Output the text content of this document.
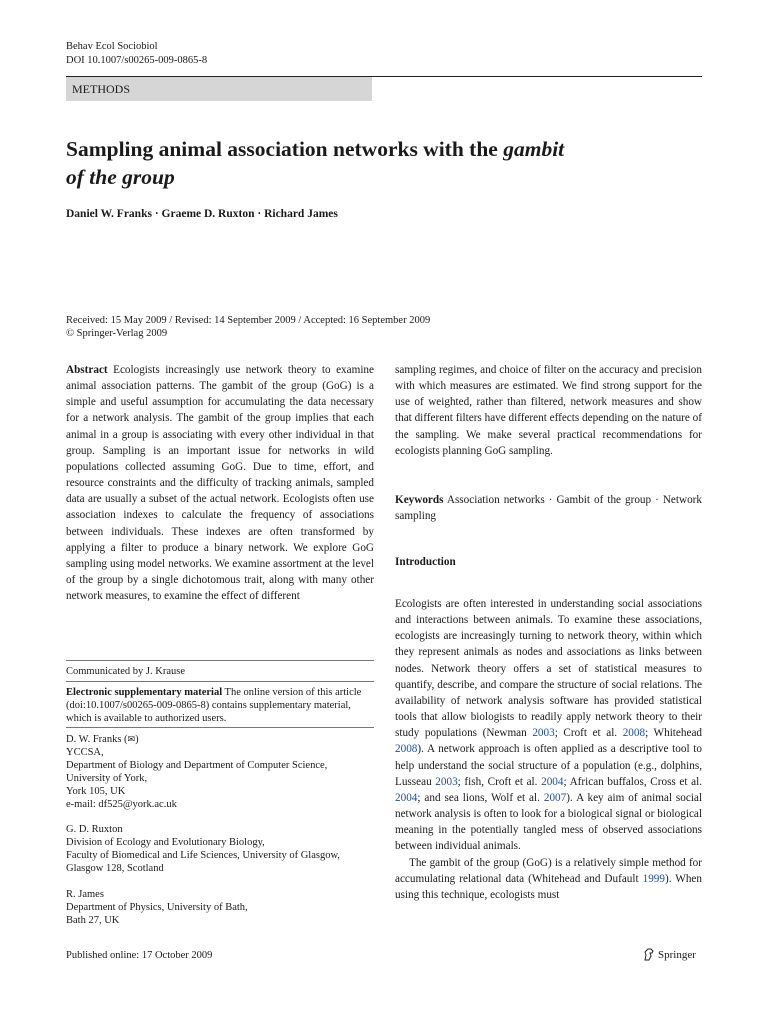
Behav Ecol Sociobiol
DOI 10.1007/s00265-009-0865-8
METHODS
Sampling animal association networks with the gambit
of the group
Daniel W. Franks · Graeme D. Ruxton · Richard James
Received: 15 May 2009 / Revised: 14 September 2009 / Accepted: 16 September 2009
© Springer-Verlag 2009
Abstract Ecologists increasingly use network theory to examine animal association patterns. The gambit of the group (GoG) is a simple and useful assumption for accumulating the data necessary for a network analysis. The gambit of the group implies that each animal in a group is associating with every other individual in that group. Sampling is an important issue for networks in wild populations collected assuming GoG. Due to time, effort, and resource constraints and the difficulty of tracking animals, sampled data are usually a subset of the actual network. Ecologists often use association indexes to calculate the frequency of associations between individuals. These indexes are often transformed by applying a filter to produce a binary network. We explore GoG sampling using model networks. We examine assortment at the level of the group by a single dichotomous trait, along with many other network measures, to examine the effect of different
sampling regimes, and choice of filter on the accuracy and precision with which measures are estimated. We find strong support for the use of weighted, rather than filtered, network measures and show that different filters have different effects depending on the nature of the sampling. We make several practical recommendations for ecologists planning GoG sampling.
Keywords Association networks · Gambit of the group · Network sampling
Introduction

Ecologists are often interested in understanding social associations and interactions between animals. To examine these associations, ecologists are increasingly turning to network theory, within which they represent animals as nodes and associations as links between nodes. Network theory offers a set of statistical measures to quantify, describe, and compare the structure of social relations. The availability of network analysis software has provided statistical tools that allow biologists to readily apply network theory to their study populations (Newman 2003; Croft et al. 2008; Whitehead 2008). A network approach is often applied as a descriptive tool to help understand the social structure of a population (e.g., dolphins, Lusseau 2003; fish, Croft et al. 2004; African buffalos, Cross et al. 2004; and sea lions, Wolf et al. 2007). A key aim of animal social network analysis is often to look for a biological signal or biological meaning in the potentially tangled mess of observed associations between individual animals.

The gambit of the group (GoG) is a relatively simple method for accumulating relational data (Whitehead and Dufault 1999). When using this technique, ecologists must

Communicated by J. Krause
Electronic supplementary material The online version of this article (doi:10.1007/s00265-009-0865-8) contains supplementary material, which is available to authorized users.
D. W. Franks (✉)
YCCSA,
Department of Biology and Department of Computer Science,
University of York,
York 105, UK
e-mail: df525@york.ac.uk
G. D. Ruxton
Division of Ecology and Evolutionary Biology,
Faculty of Biomedical and Life Sciences, University of Glasgow,
Glasgow 128, Scotland
R. James
Department of Physics, University of Bath,
Bath 27, UK
Published online: 17 October 2009	Springer
